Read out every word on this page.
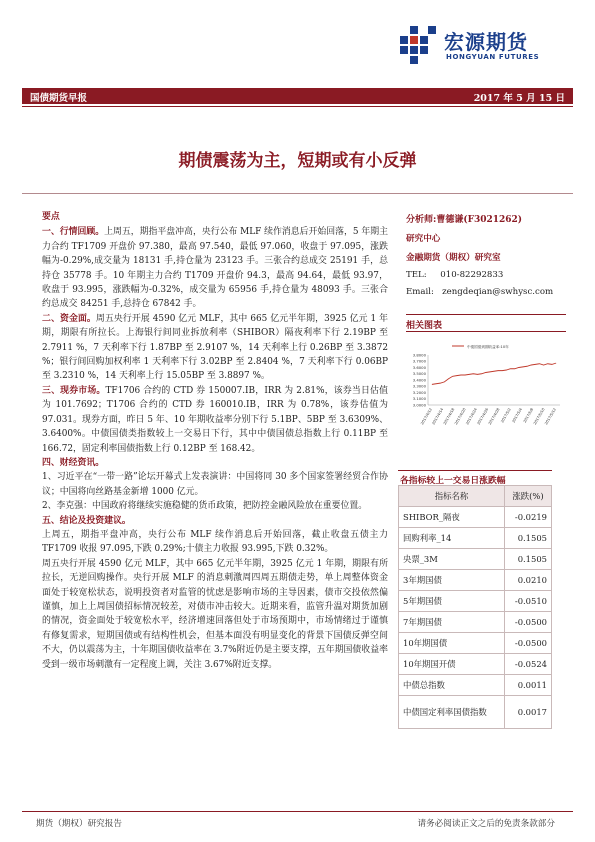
宏源期货
HONGYUAN FUTURES
国债期货早报	2017 年 5 月 15 日
期债震荡为主，短期或有小反弹

要点

一、行情回顾。上周五，期指平盘冲高，央行公布 MLF 续作消息后开始回落，5 年期主力合约 TF1709 开盘价 97.380，最高 97.540，最低 97.060，收盘于 97.095，涨跌幅为-0.29%,成交量为 18131 手,持仓量为 23123 手。三张合约总成交 25191 手，总持仓 35778 手。10 年期主力合约 T1709 开盘价 94.3，最高 94.64，最低 93.97，收盘于 93.995，涨跌幅为-0.32%，成交量为 65956 手,持仓量为 48093 手。三张合约总成交 84251 手,总持仓 67842 手。

二、资金面。周五央行开展 4590 亿元 MLF，其中 665 亿元半年期，3925 亿元 1 年期，期限有所拉长。上海银行间同业拆放利率（SHIBOR）隔夜利率下行 2.19BP 至 2.7911 %，7 天利率下行 1.87BP 至 2.9107 %，14 天利率上行 0.26BP 至 3.3872 %；银行间回购加权利率 1 天利率下行 3.02BP 至 2.8404 %，7 天利率下行 0.06BP 至 3.2310 %，14 天利率上行 15.05BP 至 3.8897 %。

三、现券市场。TF1706 合约的 CTD 券 150007.IB，IRR 为 2.81%，该券当日估值为 101.7692；T1706 合约的 CTD 券 160010.IB，IRR 为 0.78%，该券估值为 97.031。现券方面，昨日 5 年、10 年期收益率分别下行 5.1BP、5BP 至 3.6309%、3.6400%。中债国债类指数较上一交易日下行，其中中债国债总指数上行 0.11BP 至 166.72，固定利率国债指数上行 0.12BP 至 168.42。

四、财经资讯。

1、习近平在“一带一路”论坛开幕式上发表演讲：中国将同 30 多个国家签署经贸合作协议；中国将向丝路基金新增 1000 亿元。

2、李克强：中国政府将继续实施稳健的货币政策，把防控金融风险放在重要位置。

五、结论及投资建议。

上周五，期指平盘冲高，央行公布 MLF 续作消息后开始回落，截止收盘五债主力 TF1709 收报 97.095,下跌 0.29%;十债主力收报 93.995,下跌 0.32%。

周五央行开展 4590 亿元 MLF，其中 665 亿元半年期，3925 亿元 1 年期，期限有所拉长，无逆回购操作。央行开展 MLF 的消息刺激周四周五期债走势，单上周整体资金面处于较宽松状态，说明投资者对监管的忧虑是影响市场的主导因素，债市交投依然偏谨慎，加上上周国债招标情况较差，对债市冲击较大。近期来看，监管升温对期货加剧的情况，资金面处于较宽松水平，经济增速回落但处于市场预期中，市场情绪过于谨慎有修复需求，短期国债或有结构性机会，但基本面没有明显变化的背景下国债反弹空间不大，仍以震荡为主，十年期国债收益率在 3.7%附近仍是主要支撑，五年期国债收益率受到一级市场刺激有一定程度上调，关注 3.67%附近支撑。

分析师:曹德谦(F3021262)
研究中心
金融期货（期权）研究室
TEL: 010-82292833
Email: zengdeqian@swhysc.com
相关图表
中债国债到期收益率:10年
3.8000
3.7000
3.6000
3.5000
3.4000
3.3000
3.2000
3.1000
3.0000
2017/4/12
2017/4/14
2017/4/18
2017/4/20
2017/4/24
2017/4/26
2017/4/28 2017/5/2 2017/5/4 2017/5/8
2017/5/10
2017/5/12
各指标较上一交易日涨跌幅
指标名称	涨跌(%)
SHIBOR_隔夜	-0.0219
回购利率_14	0.1505
央票_3M	0.1505
3年期国债	0.0210
5年期国债	-0.0510
7年期国债	-0.0500
10年期国债	-0.0500
10年期国开债	-0.0524
中债总指数	0.0011
中债国定利率国债指数	0.0017
期货（期权）研究报告	请务必阅读正文之后的免责条款部分
